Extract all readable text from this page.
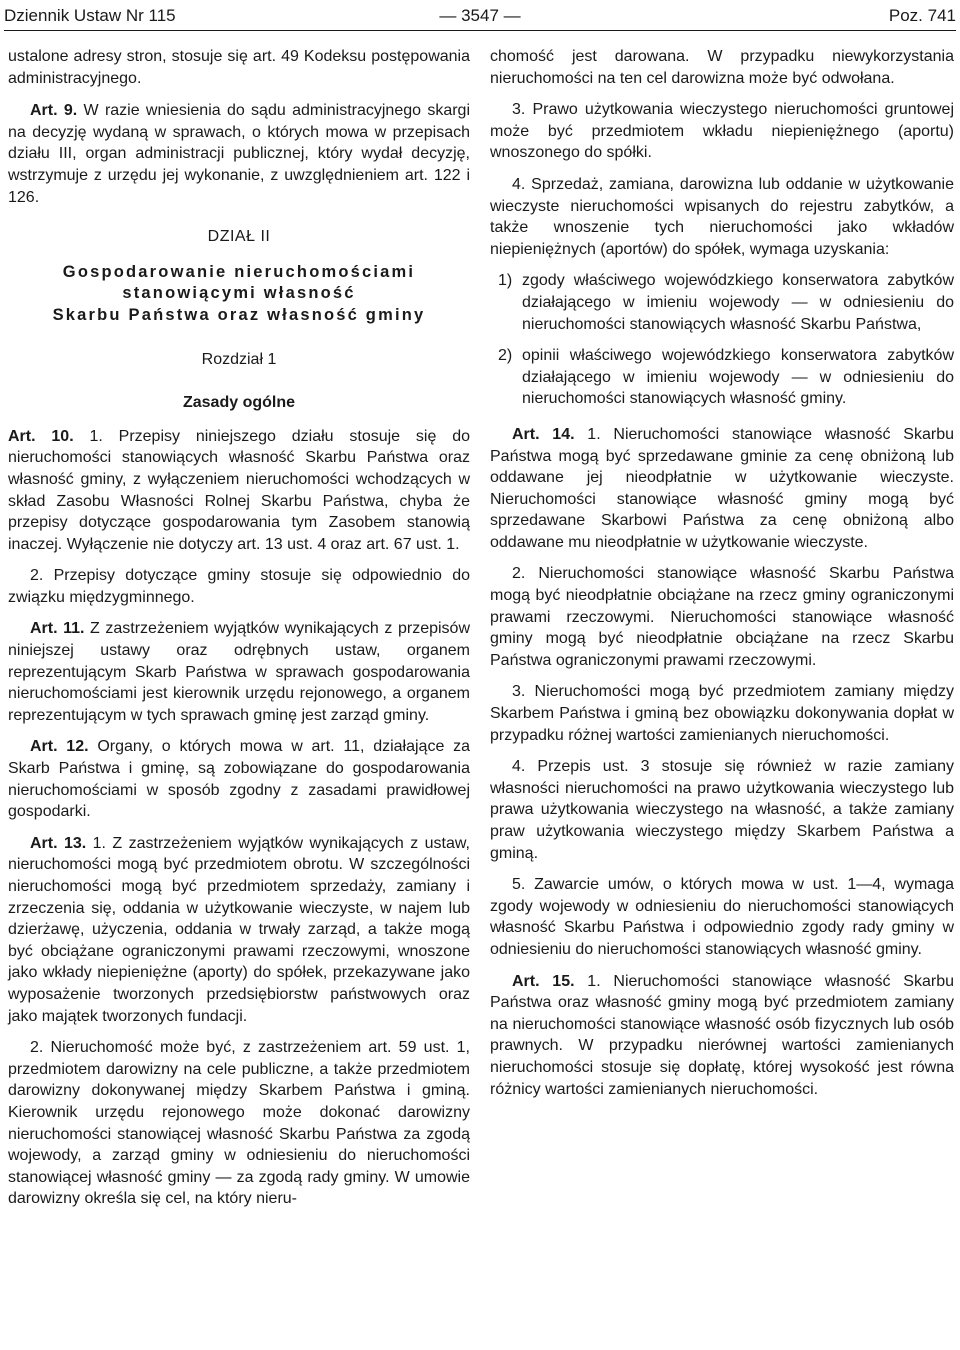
Dziennik Ustaw Nr 115	— 3547 —	Poz. 741

ustalone adresy stron, stosuje się art. 49 Kodeksu postępowania administracyjnego.

Art. 9. W razie wniesienia do sądu administracyjnego skargi na decyzję wydaną w sprawach, o których mowa w przepisach działu III, organ administracji publicznej, który wydał decyzję, wstrzymuje z urzędu jej wykonanie, z uwzględnieniem art. 122 i 126.

DZIAŁ II
Gospodarowanie nieruchomościami
stanowiącymi własność
Skarbu Państwa oraz własność gminy
Rozdział 1
Zasady ogólne

Art. 10. 1. Przepisy niniejszego działu stosuje się do nieruchomości stanowiących własność Skarbu Państwa oraz własność gminy, z wyłączeniem nieruchomości wchodzących w skład Zasobu Własności Rolnej Skarbu Państwa, chyba że przepisy dotyczące gospodarowania tym Zasobem stanowią inaczej. Wyłączenie nie dotyczy art. 13 ust. 4 oraz art. 67 ust. 1.

2. Przepisy dotyczące gminy stosuje się odpowiednio do związku międzygminnego.

Art. 11. Z zastrzeżeniem wyjątków wynikających z przepisów niniejszej ustawy oraz odrębnych ustaw, organem reprezentującym Skarb Państwa w sprawach gospodarowania nieruchomościami jest kierownik urzędu rejonowego, a organem reprezentującym w tych sprawach gminę jest zarząd gminy.

Art. 12. Organy, o których mowa w art. 11, działające za Skarb Państwa i gminę, są zobowiązane do gospodarowania nieruchomościami w sposób zgodny z zasadami prawidłowej gospodarki.

Art. 13. 1. Z zastrzeżeniem wyjątków wynikających z ustaw, nieruchomości mogą być przedmiotem obrotu. W szczególności nieruchomości mogą być przedmiotem sprzedaży, zamiany i zrzeczenia się, oddania w użytkowanie wieczyste, w najem lub dzierżawę, użyczenia, oddania w trwały zarząd, a także mogą być obciążane ograniczonymi prawami rzeczowymi, wnoszone jako wkłady niepieniężne (aporty) do spółek, przekazywane jako wyposażenie tworzonych przedsiębiorstw państwowych oraz jako majątek tworzonych fundacji.

2. Nieruchomość może być, z zastrzeżeniem art. 59 ust. 1, przedmiotem darowizny na cele publiczne, a także przedmiotem darowizny dokonywanej między Skarbem Państwa i gminą. Kierownik urzędu rejonowego może dokonać darowizny nieruchomości stanowiącej własność Skarbu Państwa za zgodą wojewody, a zarząd gminy w odniesieniu do nieruchomości stanowiącej własność gminy — za zgodą rady gminy. W umowie darowizny określa się cel, na który nieru-

chomość jest darowana. W przypadku niewykorzystania nieruchomości na ten cel darowizna może być odwołana.

3. Prawo użytkowania wieczystego nieruchomości gruntowej może być przedmiotem wkładu niepieniężnego (aportu) wnoszonego do spółki.

4. Sprzedaż, zamiana, darowizna lub oddanie w użytkowanie wieczyste nieruchomości wpisanych do rejestru zabytków, a także wnoszenie tych nieruchomości jako wkładów niepieniężnych (aportów) do spółek, wymaga uzyskania:

1) zgody właściwego wojewódzkiego konserwatora zabytków działającego w imieniu wojewody — w odniesieniu do nieruchomości stanowiących własność Skarbu Państwa,
2) opinii właściwego wojewódzkiego konserwatora zabytków działającego w imieniu wojewody — w odniesieniu do nieruchomości stanowiących własność gminy.

Art. 14. 1. Nieruchomości stanowiące własność Skarbu Państwa mogą być sprzedawane gminie za cenę obniżoną lub oddawane jej nieodpłatnie w użytkowanie wieczyste. Nieruchomości stanowiące własność gminy mogą być sprzedawane Skarbowi Państwa za cenę obniżoną albo oddawane mu nieodpłatnie w użytkowanie wieczyste.

2. Nieruchomości stanowiące własność Skarbu Państwa mogą być nieodpłatnie obciążane na rzecz gminy ograniczonymi prawami rzeczowymi. Nieruchomości stanowiące własność gminy mogą być nieodpłatnie obciążane na rzecz Skarbu Państwa ograniczonymi prawami rzeczowymi.

3. Nieruchomości mogą być przedmiotem zamiany między Skarbem Państwa i gminą bez obowiązku dokonywania dopłat w przypadku różnej wartości zamienianych nieruchomości.

4. Przepis ust. 3 stosuje się również w razie zamiany własności nieruchomości na prawo użytkowania wieczystego lub prawa użytkowania wieczystego na własność, a także zamiany praw użytkowania wieczystego między Skarbem Państwa a gminą.

5. Zawarcie umów, o których mowa w ust. 1—4, wymaga zgody wojewody w odniesieniu do nieruchomości stanowiących własność Skarbu Państwa i odpowiednio zgody rady gminy w odniesieniu do nieruchomości stanowiących własność gminy.

Art. 15. 1. Nieruchomości stanowiące własność Skarbu Państwa oraz własność gminy mogą być przedmiotem zamiany na nieruchomości stanowiące własność osób fizycznych lub osób prawnych. W przypadku nierównej wartości zamienianych nieruchomości stosuje się dopłatę, której wysokość jest równa różnicy wartości zamienianych nieruchomości.
